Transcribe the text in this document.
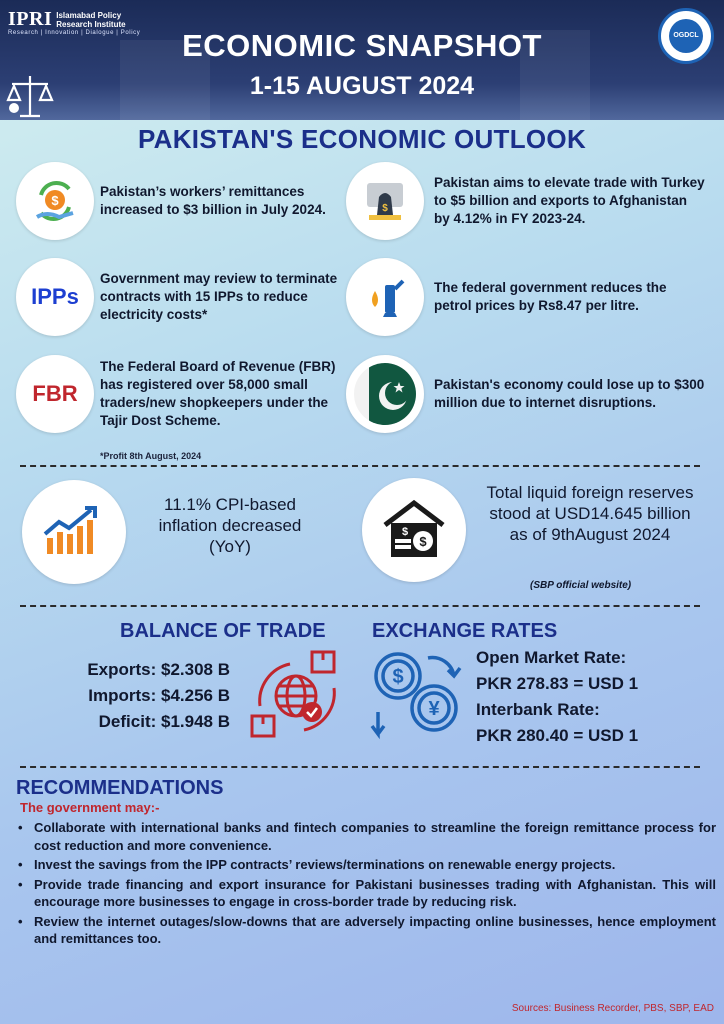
IPRI Islamabad Policy
Research Institute
Research | Innovation | Dialogue | Policy	OGDCL
ECONOMIC SNAPSHOT
1-15 AUGUST 2024
PAKISTAN'S ECONOMIC OUTLOOK
$
Pakistan’s workers’ remittances increased to $3 billion in July 2024.	$
Pakistan aims to elevate trade with Turkey to $5 billion and exports to Afghanistan by 4.12% in FY 2023-24.
IPPs
Government may review to terminate contracts with 15 IPPs to reduce electricity costs*
The federal government reduces the petrol prices by Rs8.47 per litre.
FBR
The Federal Board of Revenue (FBR) has registered over 58,000 small traders/new shopkeepers under the Tajir Dost Scheme.
Pakistan's economy could lose up to $300 million due to internet disruptions.
*Profit 8th August, 2024
11.1% CPI-based inflation decreased (YoY)	$
$
Total liquid foreign reserves stood at USD14.645 billion as of 9thAugust 2024
(SBP official website)
BALANCE OF TRADE
Exports: $2.308 B
Imports: $4.256 B
Deficit: $1.948 B
EXCHANGE RATES
$
¥
Open Market Rate:
PKR 278.83 = USD 1
Interbank Rate:
PKR 280.40 = USD 1
RECOMMENDATIONS
The government may:-
• Collaborate with international banks and fintech companies to streamline the foreign remittance process for cost reduction and more convenience.
• Invest the savings from the IPP contracts’ reviews/terminations on renewable energy projects.
• Provide trade financing and export insurance for Pakistani businesses trading with Afghanistan. This will encourage more businesses to engage in cross-border trade by reducing risk.
• Review the internet outages/slow-downs that are adversely impacting online businesses, hence employment and remittances too.
Sources: Business Recorder, PBS, SBP, EAD
